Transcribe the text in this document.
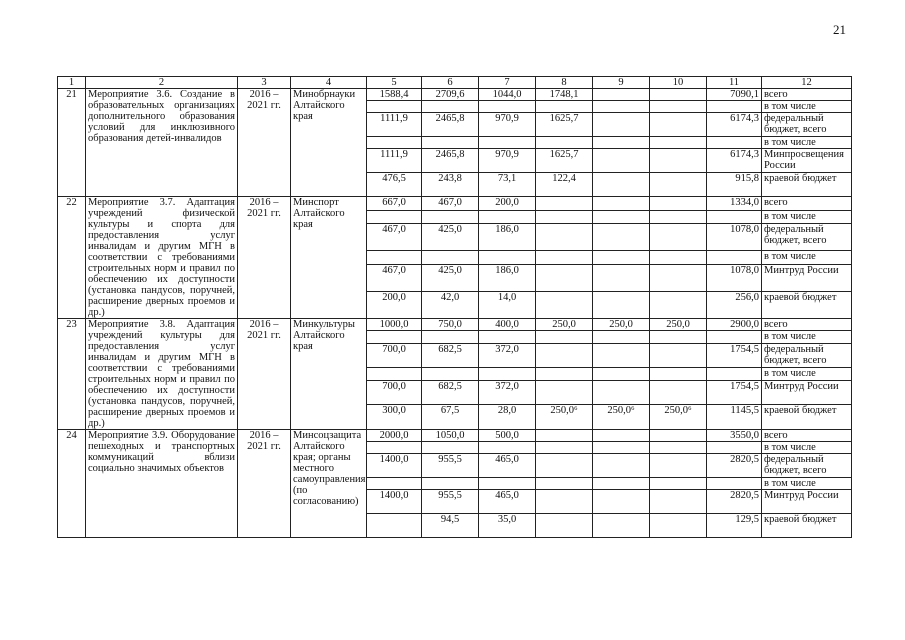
21
1	2	3	4	5	6	7	8	9	10	11	12
21	Мероприятие 3.6. Создание в образовательных организациях дополнительного образования условий для инклюзивного образования детей-инвалидов	2016 – 2021 гг.	Минобрнауки Алтайского края	1588,4	2709,6	1044,0	1748,1			7090,1	всего
											в том числе
				1111,9	2465,8	970,9	1625,7			6174,3	федеральный бюджет, всего
											в том числе
				1111,9	2465,8	970,9	1625,7			6174,3	Минпросвещения России
				476,5	243,8	73,1	122,4			915,8	краевой бюджет
22	Мероприятие 3.7. Адаптация учреждений физической культуры и спорта для предоставления услуг инвалидам и другим МГН в соответствии с требованиями строительных норм и правил по обеспечению их доступности (установка пандусов, поручней, расширение дверных проемов и др.)	2016 – 2021 гг.	Минспорт Алтайского края	667,0	467,0	200,0				1334,0	всего
											в том числе
				467,0	425,0	186,0				1078,0	федеральный бюджет, всего
											в том числе
				467,0	425,0	186,0				1078,0	Минтруд России
				200,0	42,0	14,0				256,0	краевой бюджет
23	Мероприятие 3.8. Адаптация учреждений культуры для предоставления услуг инвалидам и другим МГН в соответствии с требованиями строительных норм и правил по обеспечению их доступности (установка пандусов, поручней, расширение дверных проемов и др.)	2016 – 2021 гг.	Минкультуры Алтайского края	1000,0	750,0	400,0	250,0	250,0	250,0	2900,0	всего
											в том числе
				700,0	682,5	372,0				1754,5	федеральный бюджет, всего
											в том числе
				700,0	682,5	372,0				1754,5	Минтруд России
				300,0	67,5	28,0	250,0⁶	250,0⁶	250,0⁶	1145,5	краевой бюджет
24	Мероприятие 3.9. Оборудование пешеходных и транспортных коммуникаций вблизи социально значимых объектов	2016 – 2021 гг.	Минсоцзащита Алтайского края; органы местного самоуправления (по согласованию)	2000,0	1050,0	500,0				3550,0	всего
											в том числе
				1400,0	955,5	465,0				2820,5	федеральный бюджет, всего
											в том числе
				1400,0	955,5	465,0				2820,5	Минтруд России
					94,5	35,0				129,5	краевой бюджет
